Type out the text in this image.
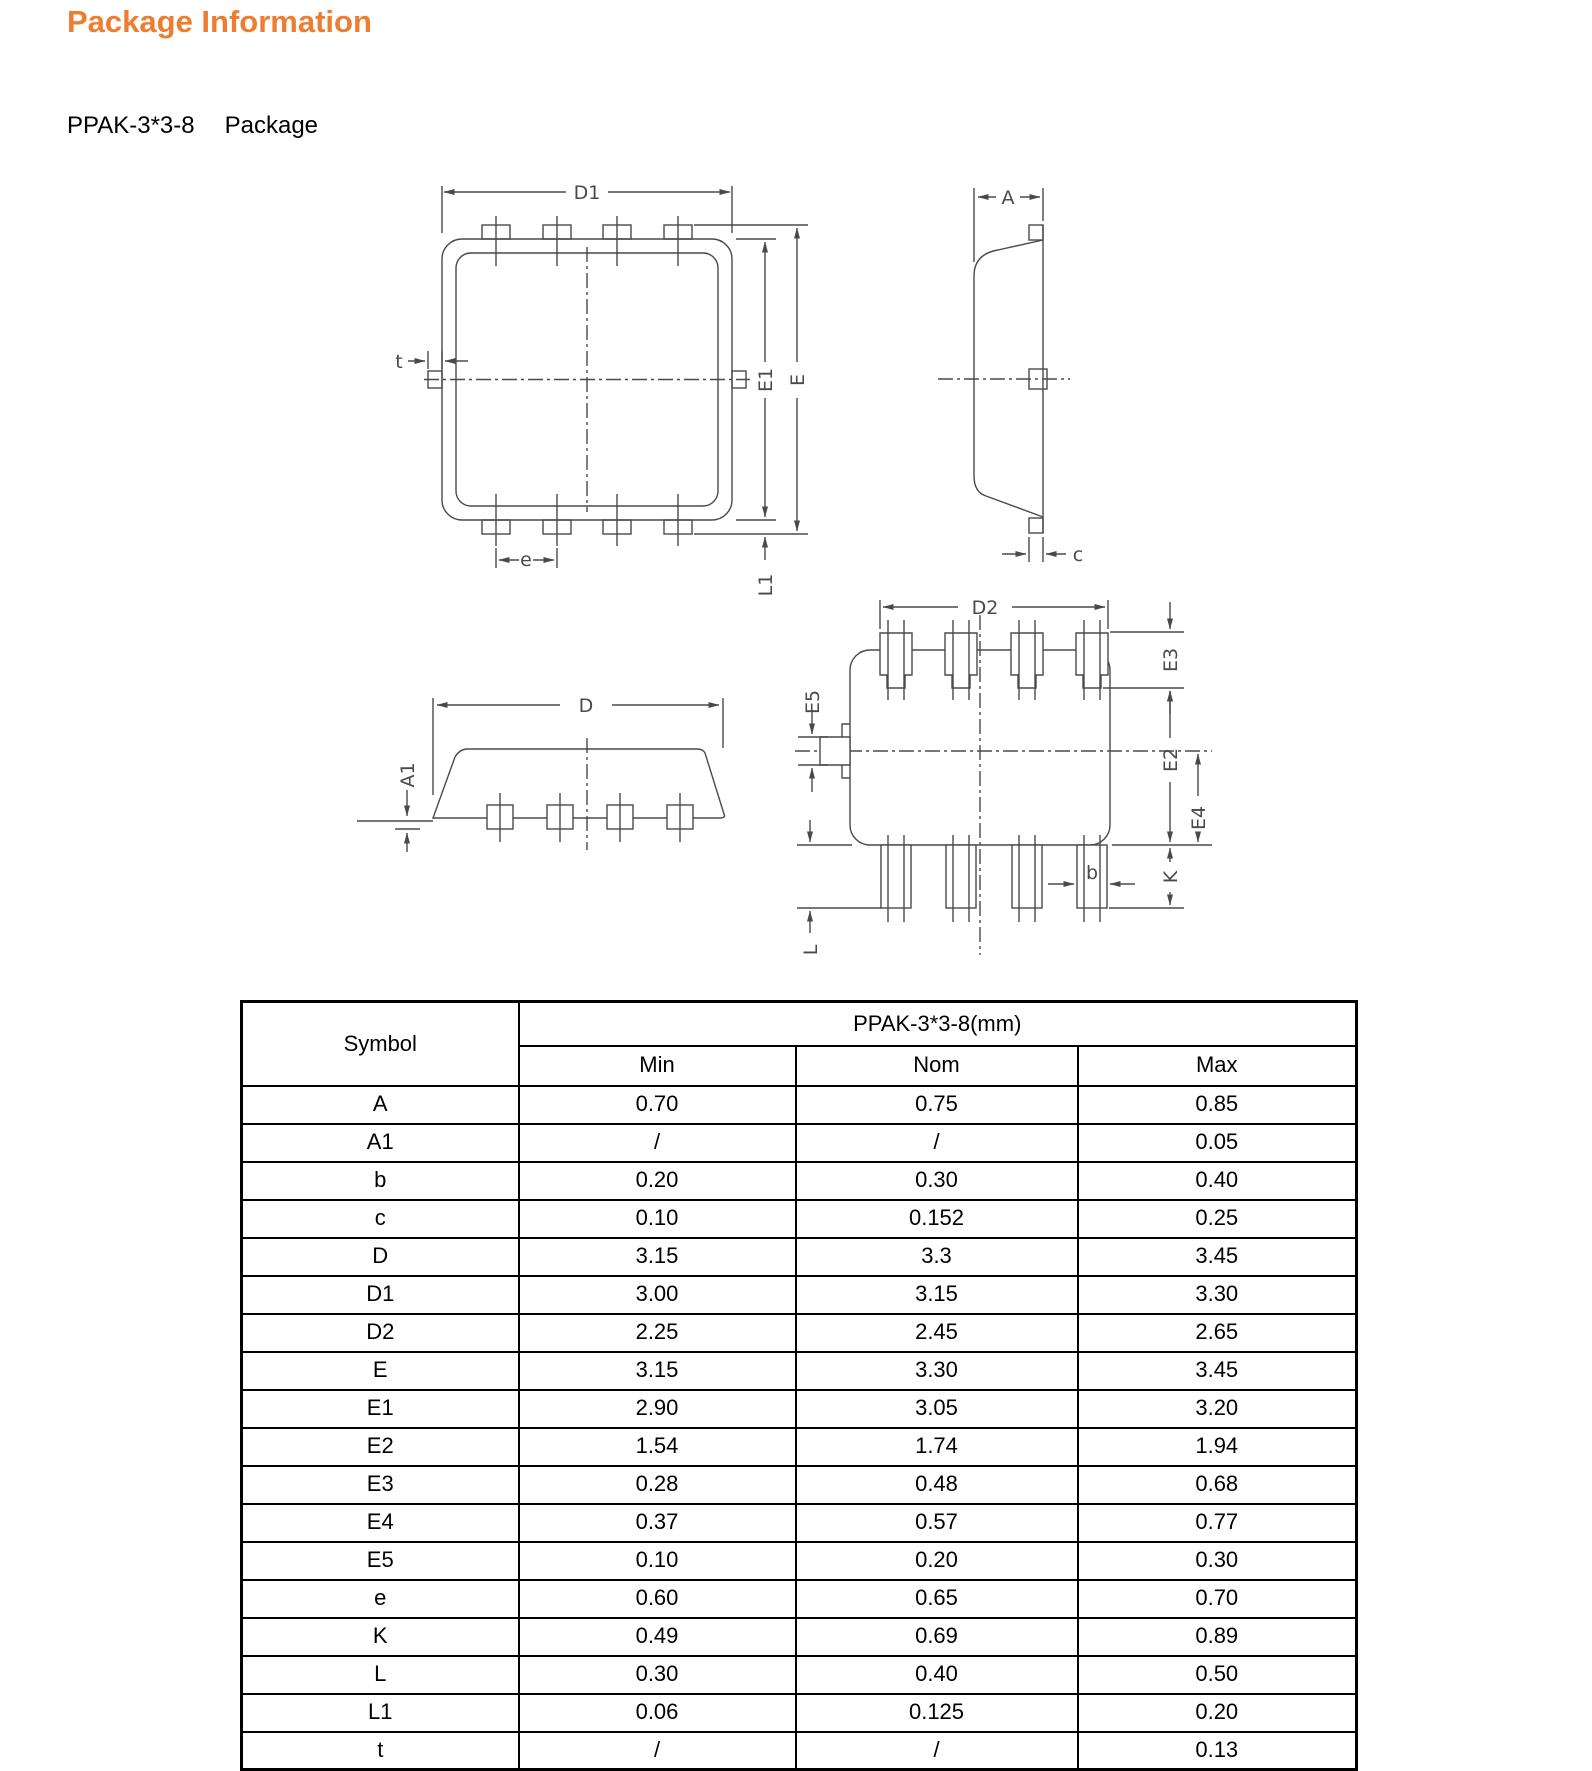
Package Information
PPAK-3*3-8 Package
D1
t
E1 E
e
L1
A
c
D
A1
D2
E5
E3
E2
K
E4
b
L
Symbol	PPAK-3*3-8(mm)		
	Min	Nom	Max
A	0.70	0.75	0.85
A1	/	/	0.05
b	0.20	0.30	0.40
c	0.10	0.152	0.25
D	3.15	3.3	3.45
D1	3.00	3.15	3.30
D2	2.25	2.45	2.65
E	3.15	3.30	3.45
E1	2.90	3.05	3.20
E2	1.54	1.74	1.94
E3	0.28	0.48	0.68
E4	0.37	0.57	0.77
E5	0.10	0.20	0.30
e	0.60	0.65	0.70
K	0.49	0.69	0.89
L	0.30	0.40	0.50
L1	0.06	0.125	0.20
t	/	/	0.13
